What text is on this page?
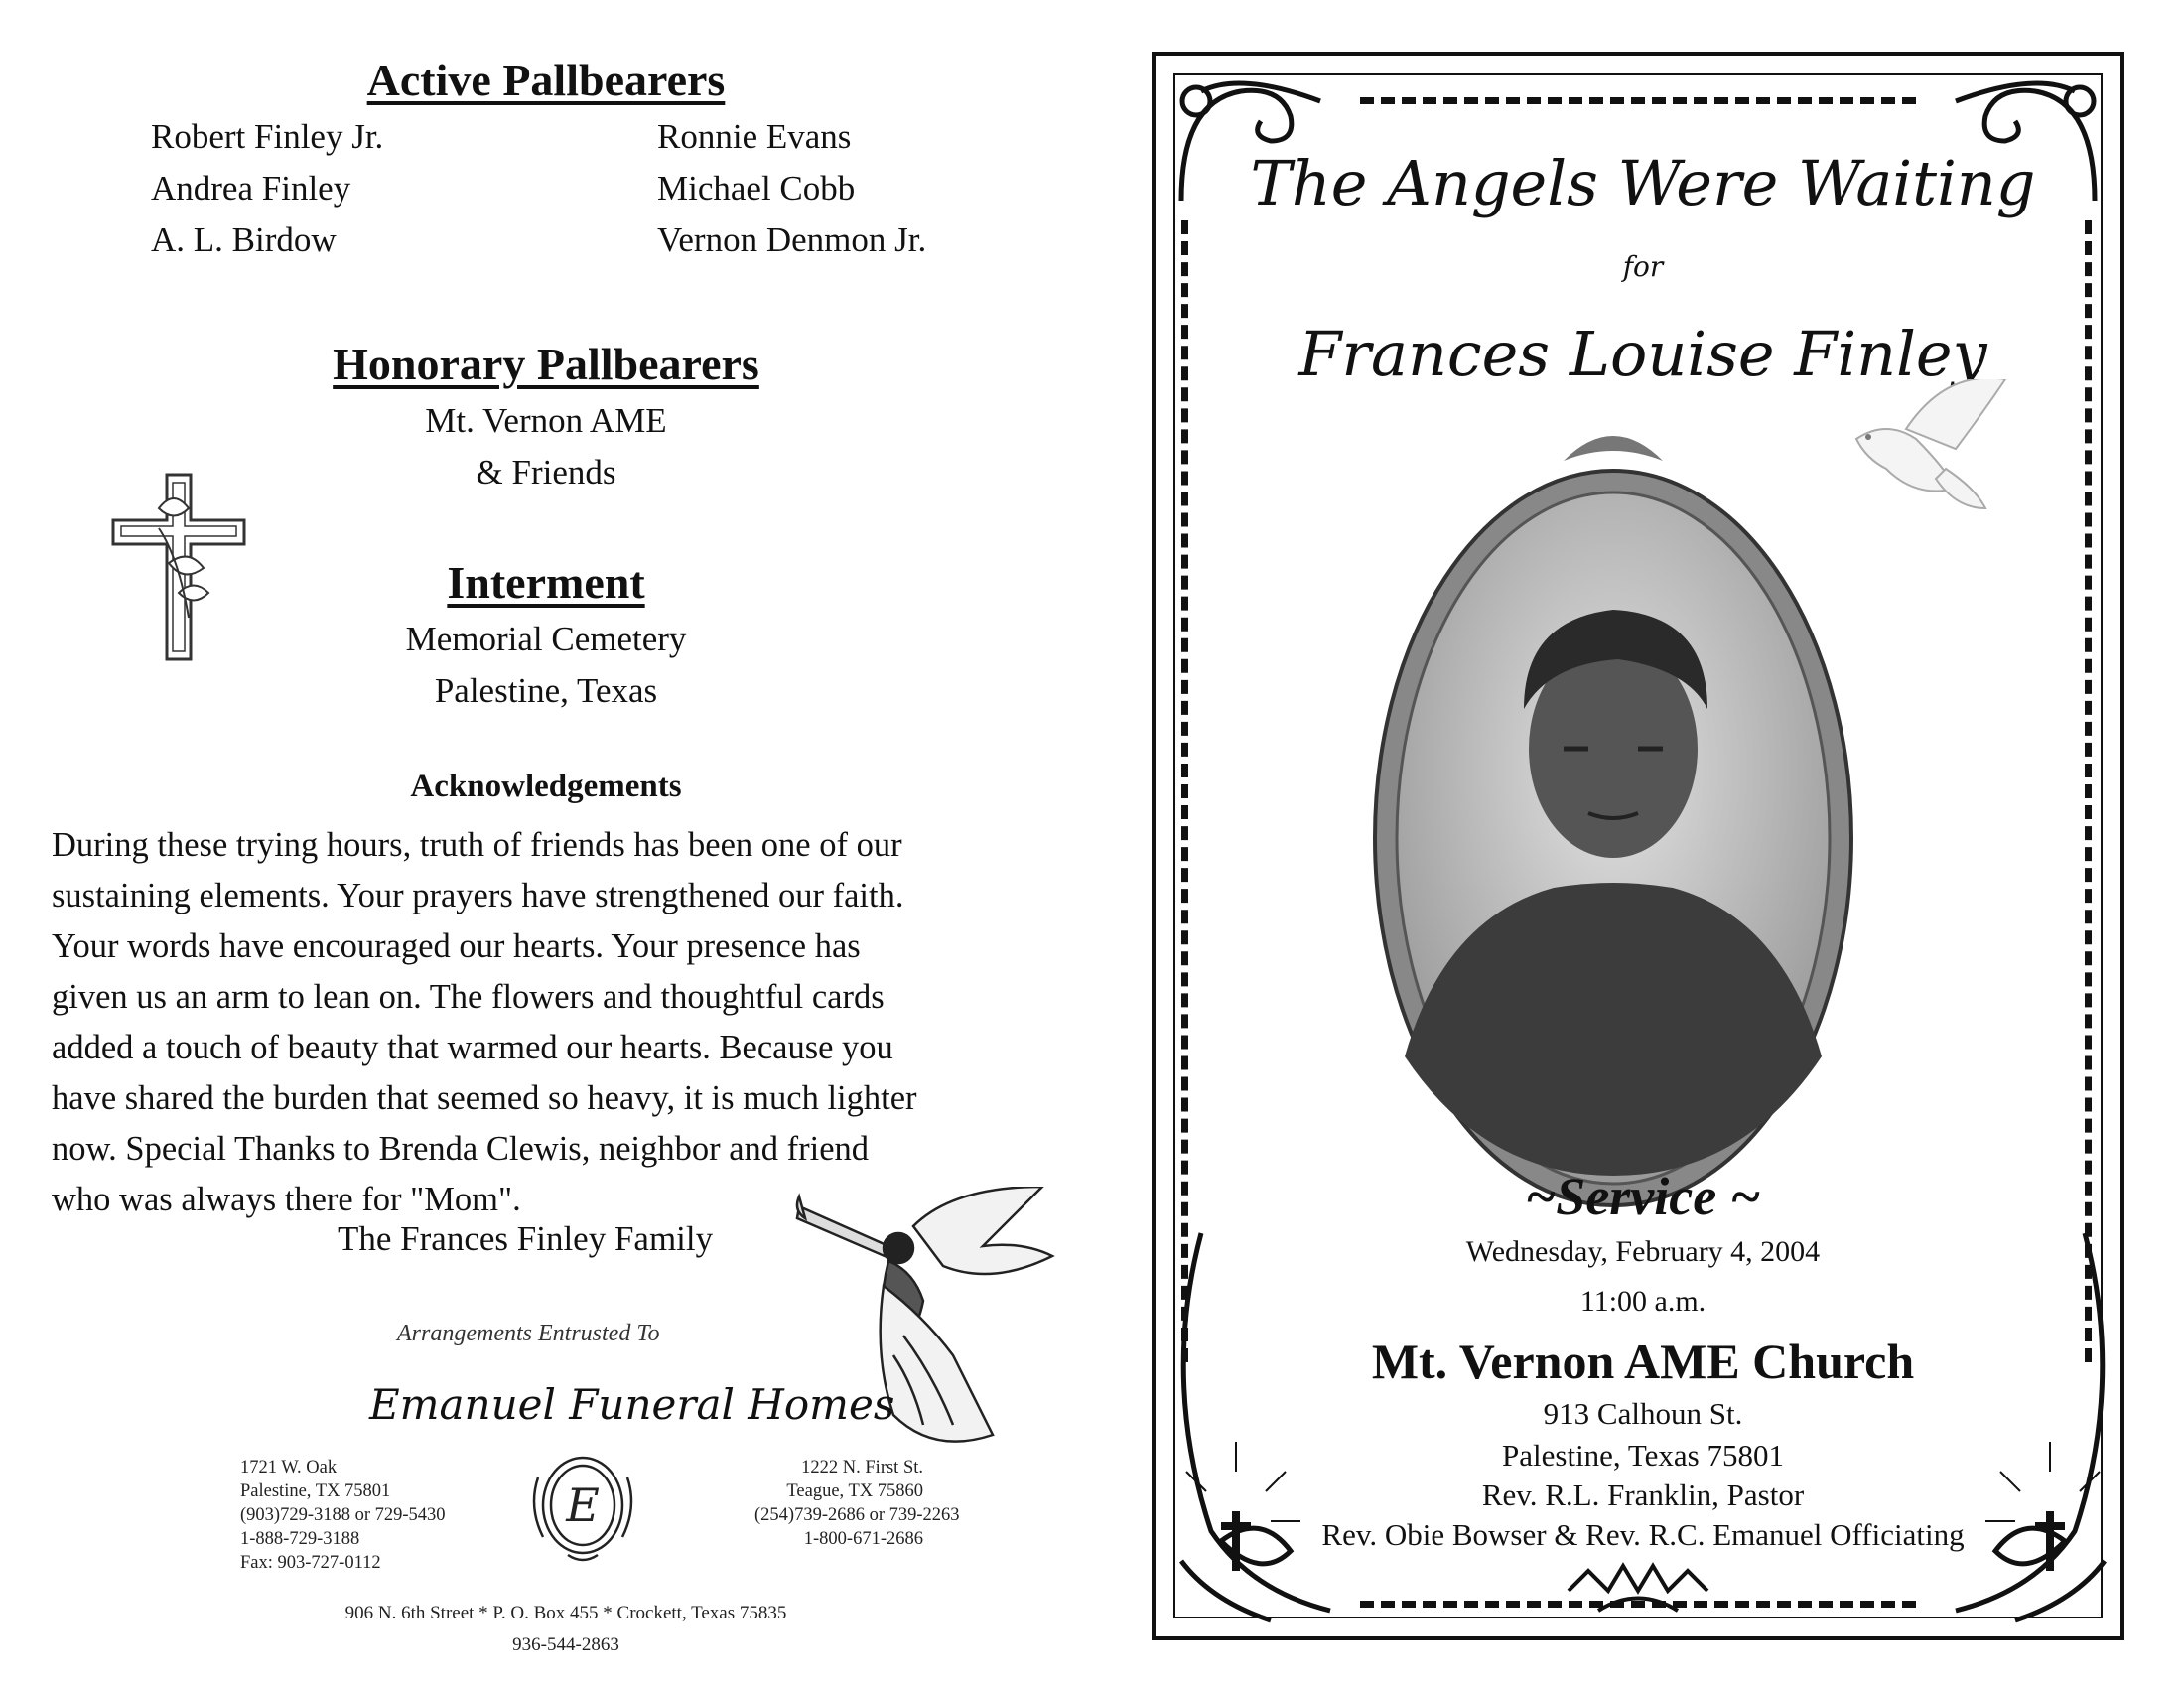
Active Pallbearers
Robert Finley Jr.
Andrea Finley
A. L. Birdow
Ronnie Evans
Michael Cobb
Vernon Denmon Jr.
Honorary Pallbearers
Mt. Vernon AME
& Friends
Interment
Memorial Cemetery
Palestine, Texas
Acknowledgements
During these trying hours, truth of friends has been one of our
sustaining elements. Your prayers have strengthened our faith.
Your words have encouraged our hearts. Your presence has
given us an arm to lean on. The flowers and thoughtful cards
added a touch of beauty that warmed our hearts. Because you
have shared the burden that seemed so heavy, it is much lighter
now. Special Thanks to Brenda Clewis, neighbor and friend
who was always there for "Mom".
The Frances Finley Family
Arrangements Entrusted To
Emanuel Funeral Homes
1721 W. Oak
Palestine, TX 75801
(903)729-3188 or 729-5430
1-888-729-3188
Fax: 903-727-0112
E
1222 N. First St.
Teague, TX 75860
(254)739-2686 or 739-2263
1-800-671-2686
906 N. 6th Street * P. O. Box 455 * Crockett, Texas 75835
936-544-2863
The Angels Were Waiting
for
Frances Louise Finley
~Service ~
Wednesday, February 4, 2004
11:00 a.m.
Mt. Vernon AME Church
913 Calhoun St.
Palestine, Texas 75801
Rev. R.L. Franklin, Pastor
Rev. Obie Bowser & Rev. R.C. Emanuel Officiating
